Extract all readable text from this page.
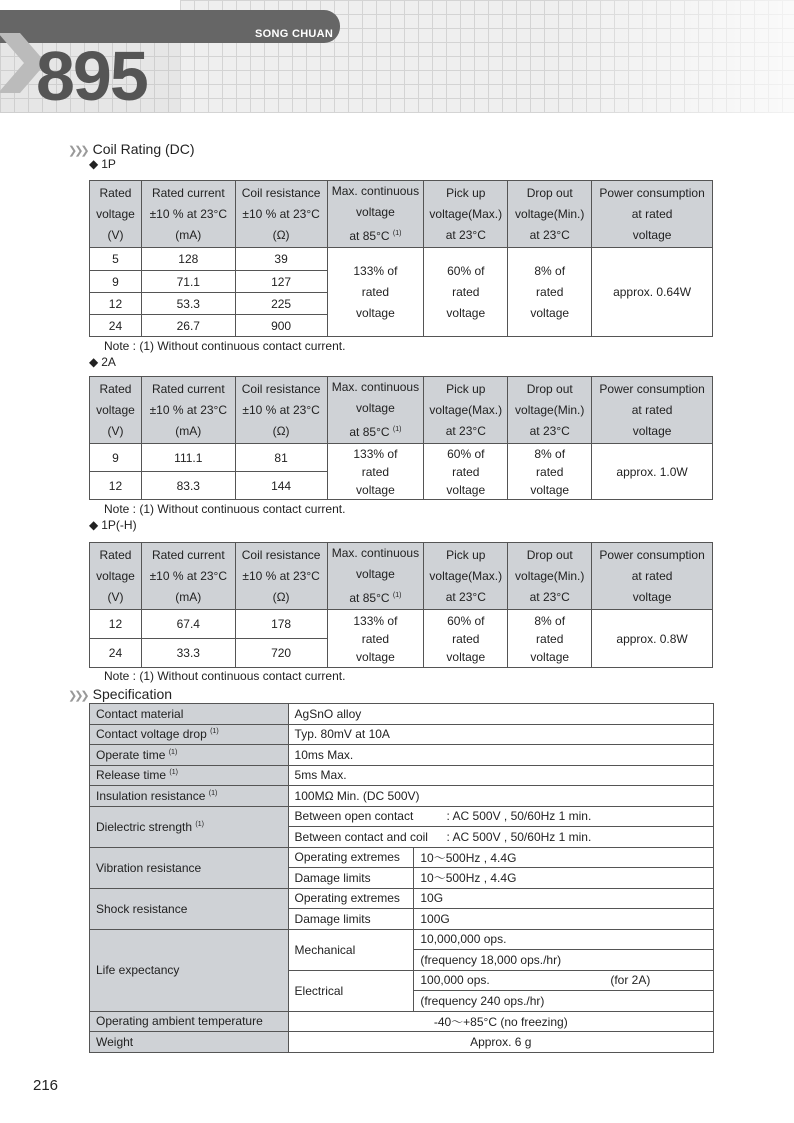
SONG CHUAN
895
❯❯❯ Coil Rating (DC)
◆ 1P
Rated
voltage
(V)	Rated current
±10 % at 23°C
(mA)	Coil resistance
±10 % at 23°C
(Ω)	Max. continuous
voltage
at 85°C $^{(1)}$	Pick up
voltage(Max.)
at 23°C	Drop out
voltage(Min.)
at 23°C	Power consumption
at rated
voltage
5	128	39	133% of
rated
voltage	60% of
rated
voltage	8% of
rated
voltage	approx. 0.64W
9	71.1	127				
12	53.3	225				
24	26.7	900				
Note : (1) Without continuous contact current.
◆ 2A
Rated
voltage
(V)	Rated current
±10 % at 23°C
(mA)	Coil resistance
±10 % at 23°C
(Ω)	Max. continuous
voltage
at 85°C $^{(1)}$	Pick up
voltage(Max.)
at 23°C	Drop out
voltage(Min.)
at 23°C	Power consumption
at rated
voltage
9	111.1	81	133% of
rated
voltage	60% of
rated
voltage	8% of
rated
voltage	approx. 1.0W
12	83.3	144				
Note : (1) Without continuous contact current.
◆ 1P(-H)
Rated
voltage
(V)	Rated current
±10 % at 23°C
(mA)	Coil resistance
±10 % at 23°C
(Ω)	Max. continuous
voltage
at 85°C $^{(1)}$	Pick up
voltage(Max.)
at 23°C	Drop out
voltage(Min.)
at 23°C	Power consumption
at rated
voltage
12	67.4	178	133% of
rated
voltage	60% of
rated
voltage	8% of
rated
voltage	approx. 0.8W
24	33.3	720				
Note : (1) Without continuous contact current.
❯❯❯ Specification
Contact material	AgSnO alloy	
Contact voltage drop $^{(1)}$	Typ. 80mV at 10A	
Operate time $^{(1)}$	10ms Max.	
Release time $^{(1)}$	5ms Max.	
Insulation resistance $^{(1)}$	100MΩ Min. (DC 500V)	
Dielectric strength $^{(1)}$	Between open contact : AC 500V , 50/60Hz 1 min.	
	Between contact and coil : AC 500V , 50/60Hz 1 min.	
Vibration resistance	Operating extremes	10～500Hz , 4.4G
	Damage limits	10～500Hz , 4.4G
Shock resistance	Operating extremes	10G
	Damage limits	100G
Life expectancy	Mechanical	10,000,000 ops.
		(frequency 18,000 ops./hr)
	Electrical	100,000 ops. (for 2A)
		(frequency 240 ops./hr)
Operating ambient temperature	-40～+85°C (no freezing)	
Weight	Approx. 6 g	
216
